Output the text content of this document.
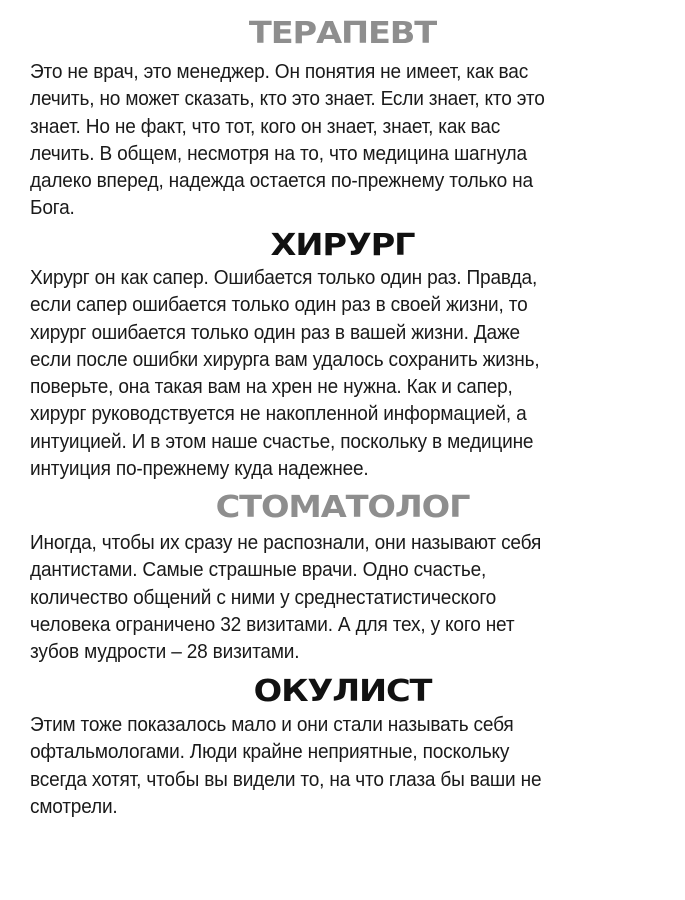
ТЕРАПЕВТ
Это не врач, это менеджер. Он понятия не имеет, как вас
лечить, но может сказать, кто это знает. Если знает, кто это
знает. Но не факт, что тот, кого он знает, знает, как вас
лечить. В общем, несмотря на то, что медицина шагнула
далеко вперед, надежда остается по-прежнему только на
Бога.
ХИРУРГ
Хирург он как сапер. Ошибается только один раз. Правда,
если сапер ошибается только один раз в своей жизни, то
хирург ошибается только один раз в вашей жизни. Даже
если после ошибки хирурга вам удалось сохранить жизнь,
поверьте, она такая вам на хрен не нужна. Как и сапер,
хирург руководствуется не накопленной информацией, а
интуицией. И в этом наше счастье, поскольку в медицине
интуиция по-прежнему куда надежнее.
СТОМАТОЛОГ
Иногда, чтобы их сразу не распознали, они называют себя
дантистами. Самые страшные врачи. Одно счастье,
количество общений с ними у среднестатистического
человека ограничено 32 визитами. А для тех, у кого нет
зубов мудрости – 28 визитами.
ОКУЛИСТ
Этим тоже показалось мало и они стали называть себя
офтальмологами. Люди крайне неприятные, поскольку
всегда хотят, чтобы вы видели то, на что глаза бы ваши не
смотрели.
